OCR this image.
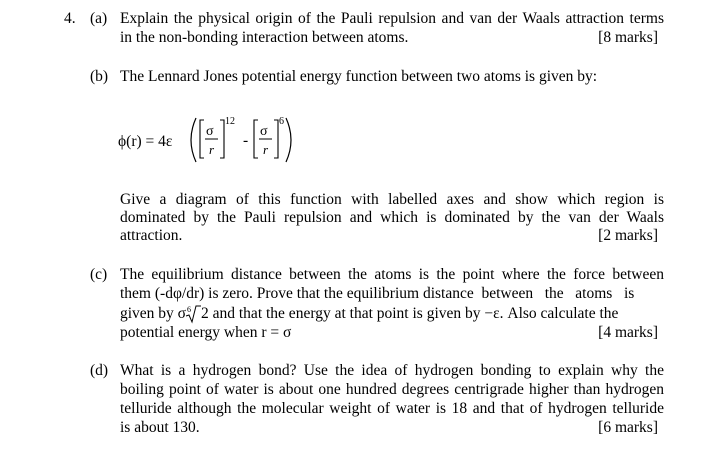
4. (a) Explain the physical origin of the Pauli repulsion and van der Waals attraction terms
in the non-bonding interaction between atoms.	[8 marks]
(b) The Lennard Jones potential energy function between two atoms is given by:
ϕ(r) = 4ε
σ
r
12
-
σ
r
6
Give a diagram of this function with labelled axes and show which region is
dominated by the Pauli repulsion and which is dominated by the van der Waals
attraction.	[2 marks]
(c) The equilibrium distance between the atoms is the point where the force between
them (-dφ/dr) is zero. Prove that the equilibrium distance  between   the   atoms   is
given by σ 6 2 and that the energy at that point is given by −ε. Also calculate the
potential energy when r = σ	[4 marks]
(d) What is a hydrogen bond? Use the idea of hydrogen bonding to explain why the
boiling point of water is about one hundred degrees centrigrade higher than hydrogen
telluride although the molecular weight of water is 18 and that of hydrogen telluride
is about 130.	[6 marks]
